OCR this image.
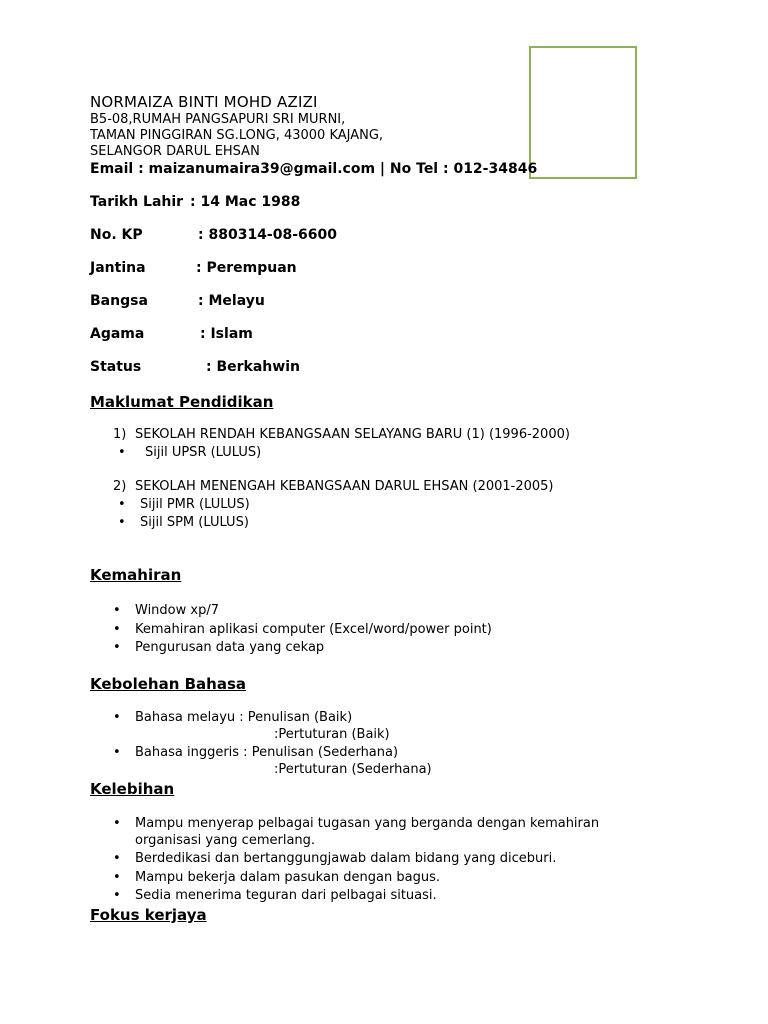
NORMAIZA BINTI MOHD AZIZI
B5-08,RUMAH PANGSAPURI SRI MURNI,
TAMAN PINGGIRAN SG.LONG, 43000 KAJANG,
SELANGOR DARUL EHSAN
Email : maizanumaira39@gmail.com | No Tel : 012-34846
Tarikh Lahir : 14 Mac 1988
No. KP	: 880314-08-6600
Jantina	: Perempuan
Bangsa	: Melayu
Agama	: Islam
Status	: Berkahwin
Maklumat Pendidikan
1) SEKOLAH RENDAH KEBANGSAAN SELAYANG BARU (1) (1996-2000)
• Sijil UPSR (LULUS)
2) SEKOLAH MENENGAH KEBANGSAAN DARUL EHSAN (2001-2005)
• Sijil PMR (LULUS)
• Sijil SPM (LULUS)
Kemahiran
• Window xp/7
• Kemahiran aplikasi computer (Excel/word/power point)
• Pengurusan data yang cekap
Kebolehan Bahasa
• Bahasa melayu : Penulisan (Baik)
:Pertuturan (Baik)
• Bahasa inggeris : Penulisan (Sederhana)
:Pertuturan (Sederhana)
Kelebihan
• Mampu menyerap pelbagai tugasan yang berganda dengan kemahiran
organisasi yang cemerlang.
• Berdedikasi dan bertanggungjawab dalam bidang yang diceburi.
• Mampu bekerja dalam pasukan dengan bagus.
• Sedia menerima teguran dari pelbagai situasi.
Fokus kerjaya
